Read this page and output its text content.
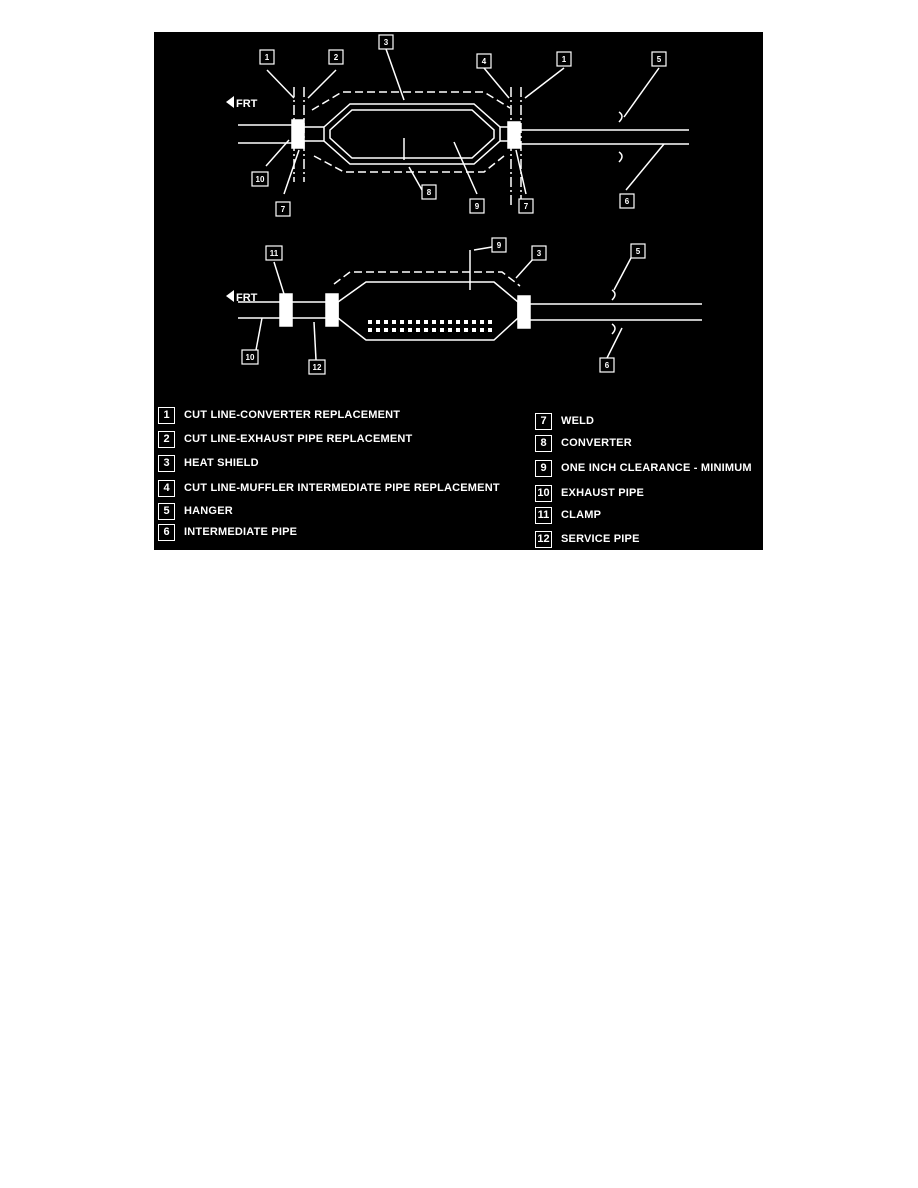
FRT
FRT
1	2
3
4	1	5
10
7
8
9	7
6
11
9
3	5
10
12	6
1	CUT LINE-CONVERTER REPLACEMENT
2	CUT LINE-EXHAUST PIPE REPLACEMENT
3	HEAT SHIELD
4	CUT LINE-MUFFLER INTERMEDIATE PIPE REPLACEMENT
5	HANGER
6	INTERMEDIATE PIPE
7	WELD
8	CONVERTER
9	ONE INCH CLEARANCE - MINIMUM
10 EXHAUST PIPE
11 CLAMP
12 SERVICE PIPE
